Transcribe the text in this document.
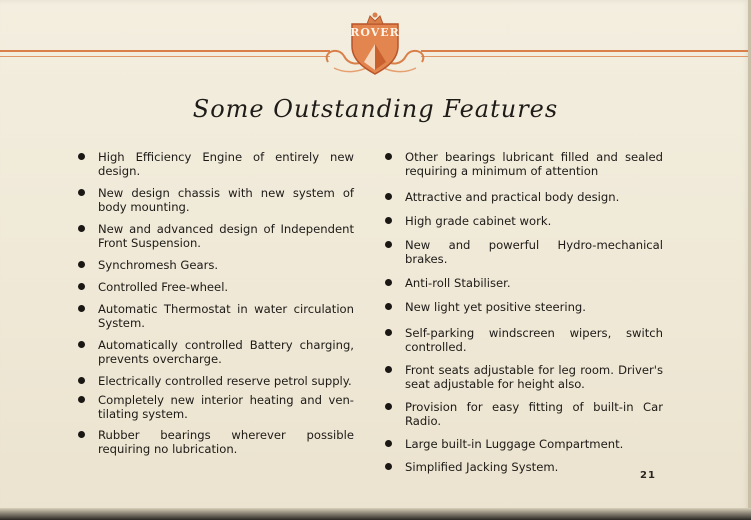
ROVER
Some Outstanding Features
High Efficiency Engine of entirely new design.
New design chassis with new system of body mounting.
New and advanced design of Independent Front Suspension.
Synchromesh Gears.
Controlled Free-wheel.
Automatic Thermostat in water circulation System.
Automatically controlled Battery charging, prevents overcharge.
Electrically controlled reserve petrol supply.
Completely new interior heating and ven-tilating system.
Rubber bearings wherever possible requiring no lubrication.
Other bearings lubricant filled and sealed requiring a minimum of attention
Attractive and practical body design.
High grade cabinet work.
New and powerful Hydro-mechanical brakes.
Anti-roll Stabiliser.
New light yet positive steering.
Self-parking windscreen wipers, switch controlled.
Front seats adjustable for leg room. Driver's seat adjustable for height also.
Provision for easy fitting of built-in Car Radio.
Large built-in Luggage Compartment.
Simplified Jacking System.
21
